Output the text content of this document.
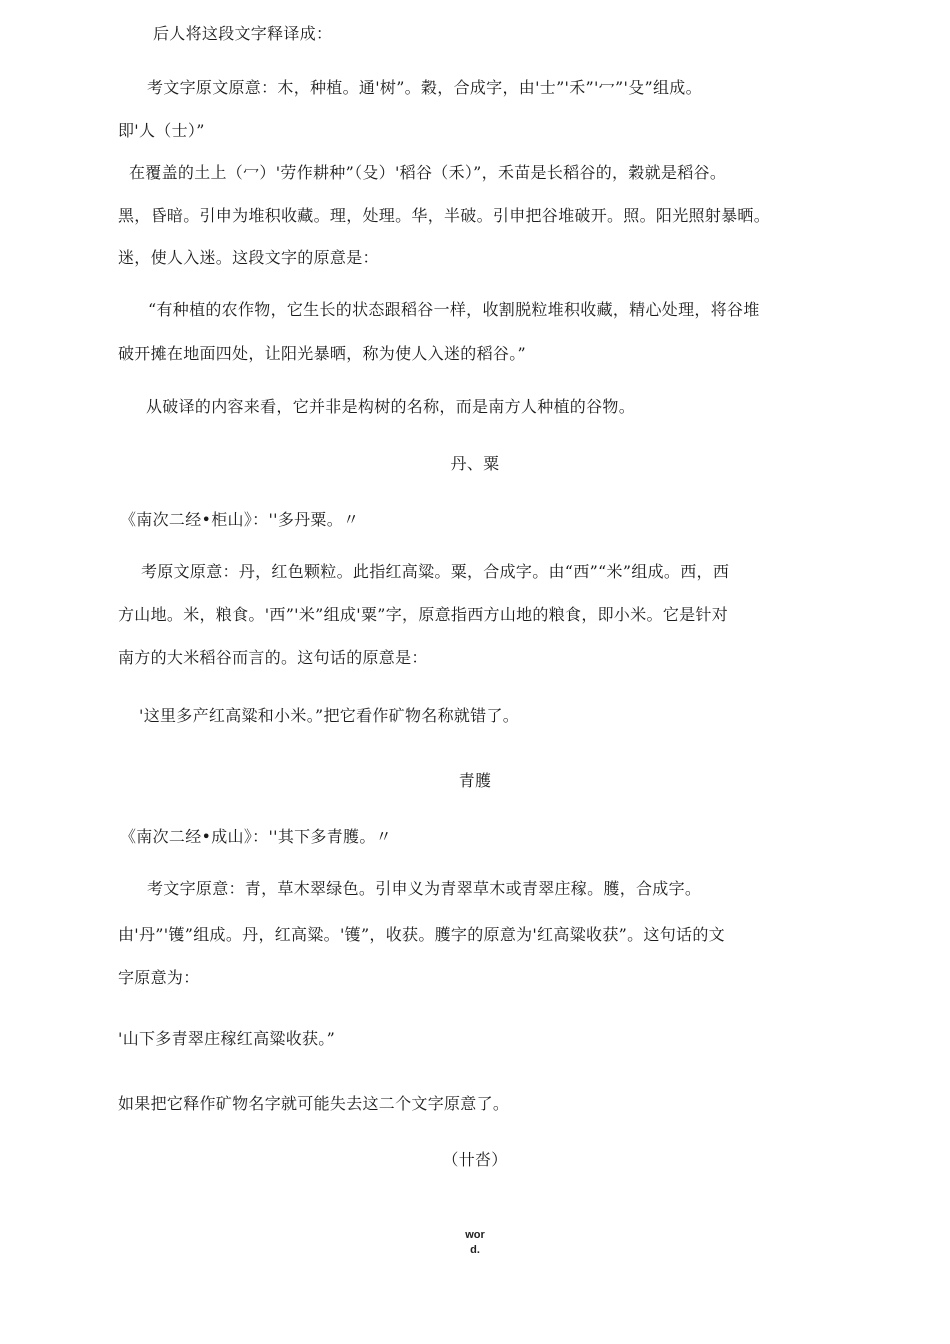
后人将这段文字释译成：
考文字原文原意：木，种植。通'树”。穀，合成字，由'士”'禾”'冖”'殳”组成。
即'人（士）”
在覆盖的土上（冖）'劳作耕种”（殳）'稻谷（禾）”，禾苗是长稻谷的，穀就是稻谷。
黑，昏暗。引申为堆积收藏。理，处理。华，半破。引申把谷堆破开。照。阳光照射暴晒。
迷，使人入迷。这段文字的原意是：
“有种植的农作物，它生长的状态跟稻谷一样，收割脱粒堆积收藏，精心处理，将谷堆
破开摊在地面四处，让阳光暴晒，称为使人入迷的稻谷。”
从破译的内容来看，它并非是构树的名称，而是南方人种植的谷物。
丹、粟
《南次二经•柜山》：''多丹粟。〃
考原文原意：丹，红色颗粒。此指红高粱。粟，合成字。由“西”“米”组成。西，西
方山地。米，粮食。'西”'米”组成'粟”字，原意指西方山地的粮食，即小米。它是针对
南方的大米稻谷而言的。这句话的原意是：
'这里多产红高粱和小米。”把它看作矿物名称就错了。
青臒
《南次二经•成山》：''其下多青臒。〃
考文字原意：青，草木翠绿色。引申义为青翠草木或青翠庄稼。臒，合成字。
由'丹”'镬”组成。丹，红高粱。'镬”，收获。臒字的原意为'红高粱收获”。这句话的文
字原意为：
'山下多青翠庄稼红高粱收获。”
如果把它释作矿物名字就可能失去这二个文字原意了。
（卄呇）
wor
d.
